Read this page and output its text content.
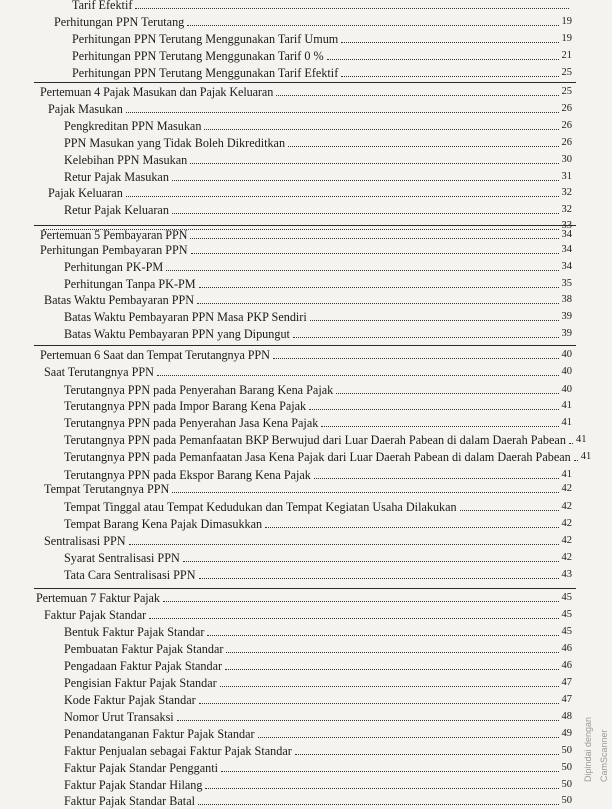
Tarif Efektif
Perhitungan PPN Terutang	19
Perhitungan PPN Terutang Menggunakan Tarif Umum	19
Perhitungan PPN Terutang Menggunakan Tarif 0 %	21
Perhitungan PPN Terutang Menggunakan Tarif Efektif	25
Pertemuan 4 Pajak Masukan dan Pajak Keluaran	25
Pajak Masukan	26
Pengkreditan PPN Masukan	26
PPN Masukan yang Tidak Boleh Dikreditkan	26
Kelebihan PPN Masukan	30
Retur Pajak Masukan	31
Pajak Keluaran	32
Retur Pajak Keluaran	32
33
Pertemuan 5 Pembayaran PPN	34
Perhitungan Pembayaran PPN	34
Perhitungan PK-PM	34
Perhitungan Tanpa PK-PM	35
Batas Waktu Pembayaran PPN	38
Batas Waktu Pembayaran PPN Masa PKP Sendiri	39
Batas Waktu Pembayaran PPN yang Dipungut	39
Pertemuan 6 Saat dan Tempat Terutangnya PPN	40
Saat Terutangnya PPN	40
Terutangnya PPN pada Penyerahan Barang Kena Pajak	40
Terutangnya PPN pada Impor Barang Kena Pajak	41
Terutangnya PPN pada Penyerahan Jasa Kena Pajak	41
Terutangnya PPN pada Pemanfaatan BKP Berwujud dari Luar Daerah Pabean di dalam Daerah Pabean 41
Terutangnya PPN pada Pemanfaatan Jasa Kena Pajak dari Luar Daerah Pabean di dalam Daerah Pabean 41
Terutangnya PPN pada Ekspor Barang Kena Pajak	41
Tempat Terutangnya PPN	42
Tempat Tinggal atau Tempat Kedudukan dan Tempat Kegiatan Usaha Dilakukan	42
Tempat Barang Kena Pajak Dimasukkan	42
Sentralisasi PPN	42
Syarat Sentralisasi PPN	42
Tata Cara Sentralisasi PPN	43
Pertemuan 7 Faktur Pajak	45
Faktur Pajak Standar	45
Bentuk Faktur Pajak Standar	45
Pembuatan Faktur Pajak Standar	46
Pengadaan Faktur Pajak Standar	46
Pengisian Faktur Pajak Standar	47
Kode Faktur Pajak Standar	47
Nomor Urut Transaksi	48
Penandatanganan Faktur Pajak Standar	49
Faktur Penjualan sebagai Faktur Pajak Standar	50
Faktur Pajak Standar Pengganti	50
Faktur Pajak Standar Hilang	50
Faktur Pajak Standar Batal	50
Dipindai dengan CamScanner
